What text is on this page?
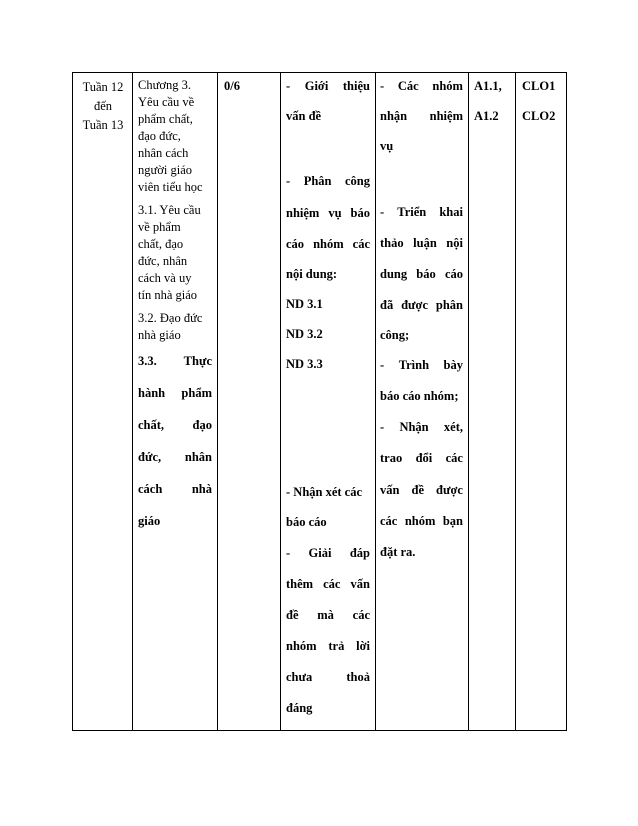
Tuần 12
đến
Tuần 13
Chương 3.
Yêu cầu về
phẩm chất,
đạo đức,
nhân cách
người giáo
viên tiểu học
3.1. Yêu cầu
về phẩm
chất, đạo
đức, nhân
cách và uy
tín nhà giáo
3.2. Đạo đức
nhà giáo
3.3. Thực
hành phẩm
chất, đạo
đức, nhân
cách nhà
giáo
0/6	- Giới thiệu
vấn đề
- Phân công
nhiệm vụ báo
cáo nhóm các
nội dung:
ND 3.1
ND 3.2
ND 3.3
- Nhận xét các
báo cáo
- Giải đáp
thêm các vấn
đề mà các
nhóm trả lời
chưa	thoả
đáng
- Các nhóm
nhận nhiệm
vụ
- Triển khai
thảo luận nội
dung báo cáo
đã được phân
công;
- Trình bày
báo cáo nhóm;
- Nhận xét,
trao đổi các
vấn đề được
các nhóm bạn
đặt ra.
A1.1,
A1.2
CLO1
CLO2
